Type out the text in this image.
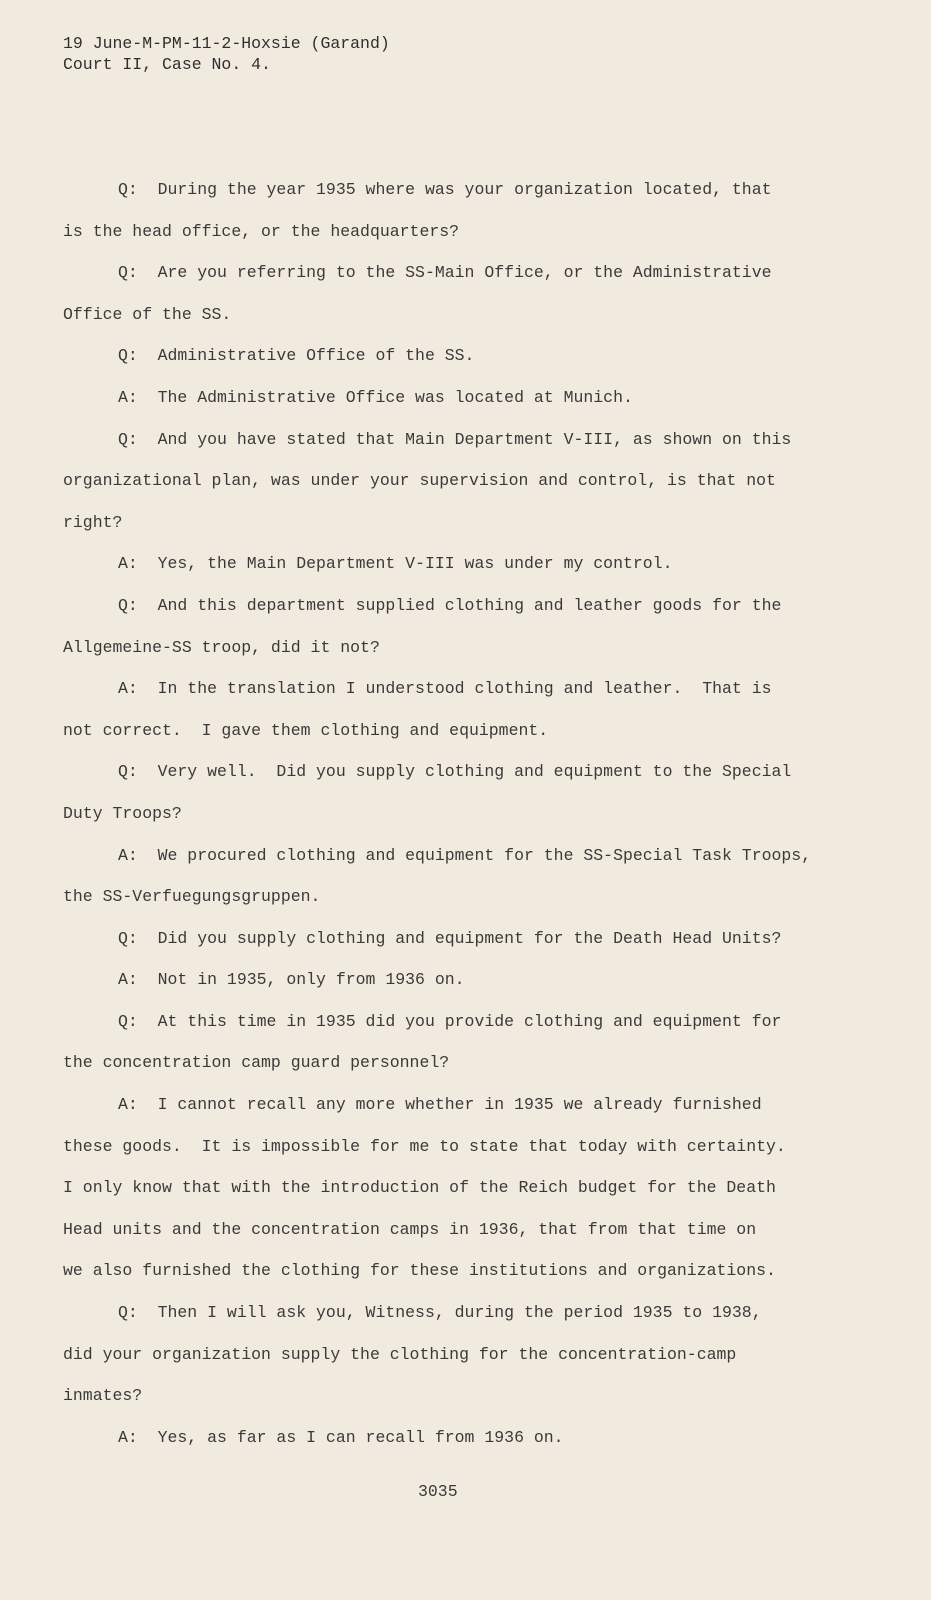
19 June-M-PM-11-2-Hoxsie (Garand)
Court II, Case No. 4.
Q:  During the year 1935 where was your organization located, that
is the head office, or the headquarters?
Q:  Are you referring to the SS-Main Office, or the Administrative
Office of the SS.
Q:  Administrative Office of the SS.
A:  The Administrative Office was located at Munich.
Q:  And you have stated that Main Department V-III, as shown on this
organizational plan, was under your supervision and control, is that not
right?
A:  Yes, the Main Department V-III was under my control.
Q:  And this department supplied clothing and leather goods for the
Allgemeine-SS troop, did it not?
A:  In the translation I understood clothing and leather.  That is
not correct.  I gave them clothing and equipment.
Q:  Very well.  Did you supply clothing and equipment to the Special
Duty Troops?
A:  We procured clothing and equipment for the SS-Special Task Troops,
the SS-Verfuegungsgruppen.
Q:  Did you supply clothing and equipment for the Death Head Units?
A:  Not in 1935, only from 1936 on.
Q:  At this time in 1935 did you provide clothing and equipment for
the concentration camp guard personnel?
A:  I cannot recall any more whether in 1935 we already furnished
these goods.  It is impossible for me to state that today with certainty.
I only know that with the introduction of the Reich budget for the Death
Head units and the concentration camps in 1936, that from that time on
we also furnished the clothing for these institutions and organizations.
Q:  Then I will ask you, Witness, during the period 1935 to 1938,
did your organization supply the clothing for the concentration-camp
inmates?
A:  Yes, as far as I can recall from 1936 on.
3035
